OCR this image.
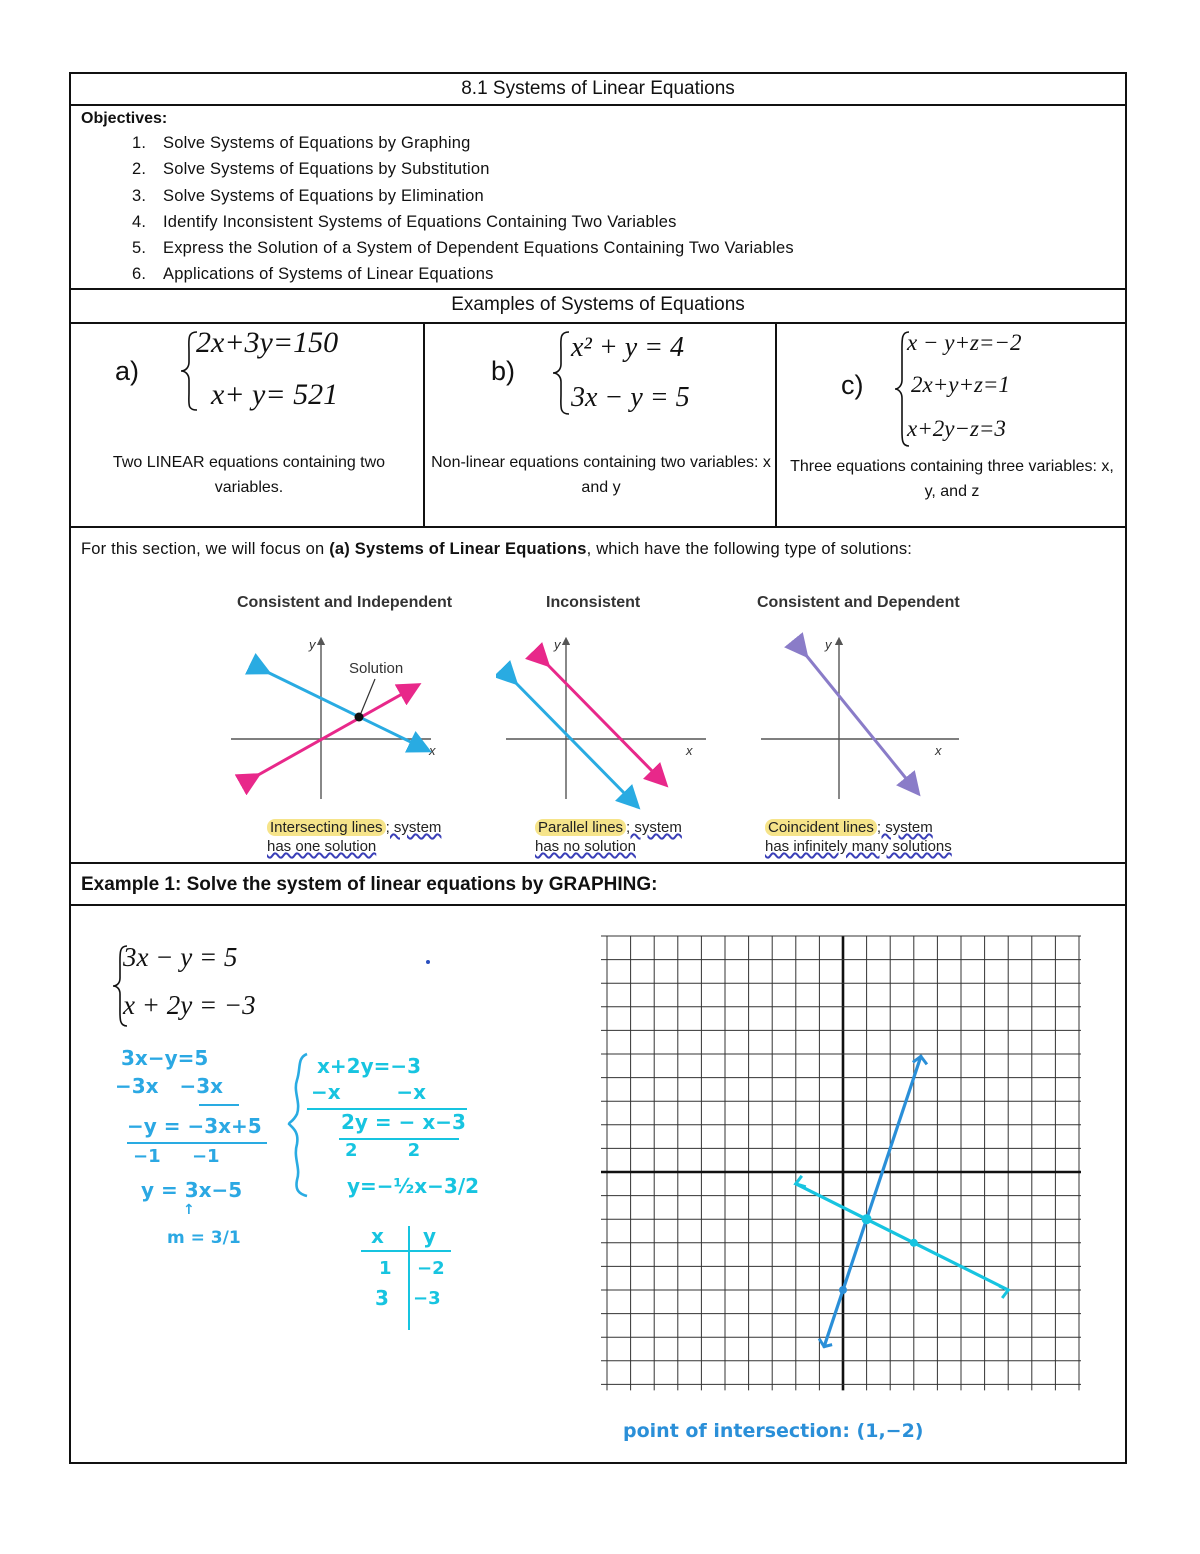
8.1 Systems of Linear Equations
Objectives:
1. Solve Systems of Equations by Graphing
2. Solve Systems of Equations by Substitution
3. Solve Systems of Equations by Elimination
4. Identify Inconsistent Systems of Equations Containing Two Variables
5. Express the Solution of a System of Dependent Equations Containing Two Variables
6. Applications of Systems of Linear Equations
Examples of Systems of Equations
a)
2x+3y=150
x+ y= 521
Two LINEAR equations containing two variables.
b)
x² + y = 4
3x − y = 5
Non-linear equations containing two variables: x and y
c)
x − y+z=−2
2x+y+z=1
x+2y−z=3
Three equations containing three variables: x, y, and z
For this section, we will focus on (a) Systems of Linear Equations, which have the following type of solutions:
Consistent and Independent	Inconsistent	Consistent and Dependent
y
x
Solution
y
x
y
x
Intersecting lines ; system
has one solution
Parallel lines ; system
has no solution
Coincident lines ; system
has infinitely many solutions
Example 1: Solve the system of linear equations by GRAPHING:
3x − y = 5
x + 2y = −3
3x−y=5
−3x   −3x
−y = −3x+5
−1     −1
y = 3x−5
↑
m = 3/1
x+2y=−3
−x        −x
2y = − x−3
2        2
y=−½x−3/2
x y
1 −2
3 −3
point of intersection: (1,−2)
